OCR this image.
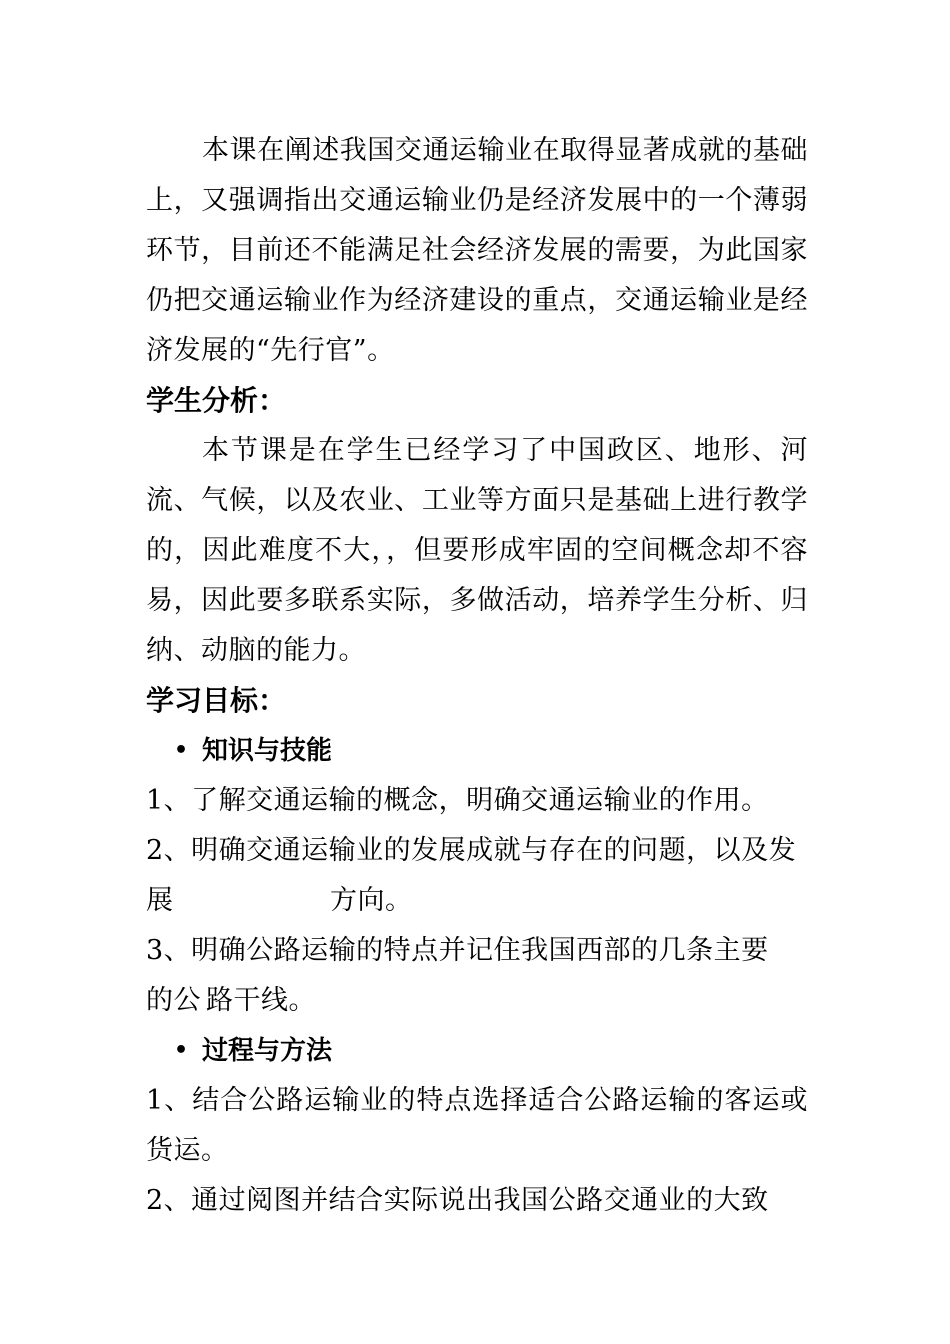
本课在阐述我国交通运输业在取得显著成就的基础上，又强调指出交通运输业仍是经济发展中的一个薄弱环节，目前还不能满足社会经济发展的需要，为此国家仍把交通运输业作为经济建设的重点，交通运输业是经济发展的“先行官”。

学生分析：

本节课是在学生已经学习了中国政区、地形、河流、气候，以及农业、工业等方面只是基础上进行教学的，因此难度不大，，但要形成牢固的空间概念却不容易，因此要多联系实际，多做活动，培养学生分析、归纳、动脑的能力。

学习目标：
• 知识与技能

1、了解交通运输的概念，明确交通运输业的作用。

2、明确交通运输业的发展成就与存在的问题，以及发

展	方向。

3、明确公路运输的特点并记住我国西部的几条主要

的公 路干线。

• 过程与方法

1、结合公路运输业的特点选择适合公路运输的客运或货运。

2、通过阅图并结合实际说出我国公路交通业的大致
